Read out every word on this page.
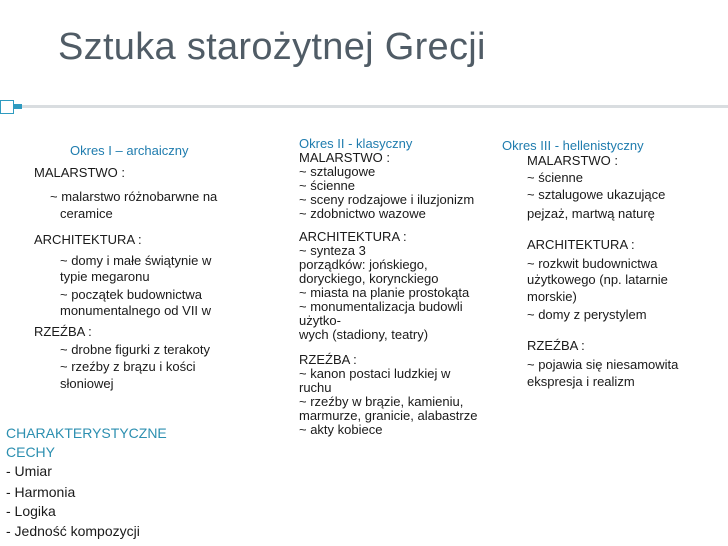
Sztuka starożytnej Grecji
Okres I – archaiczny
MALARSTWO :
~ malarstwo różnobarwne na
ceramice
ARCHITEKTURA :
~ domy i małe świątynie w
typie megaronu
~ początek budownictwa
monumentalnego od VII w
RZEŹBA :
~ drobne figurki z terakoty
~ rzeźby z brązu i kości
słoniowej
Okres II - klasyczny
MALARSTWO :
~ sztalugowe
~ ścienne
~ sceny rodzajowe i iluzjonizm
~ zdobnictwo wazowe
ARCHITEKTURA :
~ synteza 3
porządków: jońskiego,
doryckiego, korynckiego
~ miasta na planie prostokąta
~ monumentalizacja budowli
użytko-
wych (stadiony, teatry)
RZEŹBA :
~ kanon postaci ludzkiej w
ruchu
~ rzeźby w brązie, kamieniu,
marmurze, granicie, alabastrze
~ akty kobiece
Okres III - hellenistyczny
MALARSTWO :
~ ścienne
~ sztalugowe ukazujące
pejzaż, martwą naturę
ARCHITEKTURA :
~ rozkwit budownictwa
użytkowego (np. latarnie
morskie)
~ domy z perystylem
RZEŹBA :
~ pojawia się niesamowita
ekspresja i realizm
CHARAKTERYSTYCZNE
CECHY
- Umiar
- Harmonia
- Logika
- Jedność kompozycji
